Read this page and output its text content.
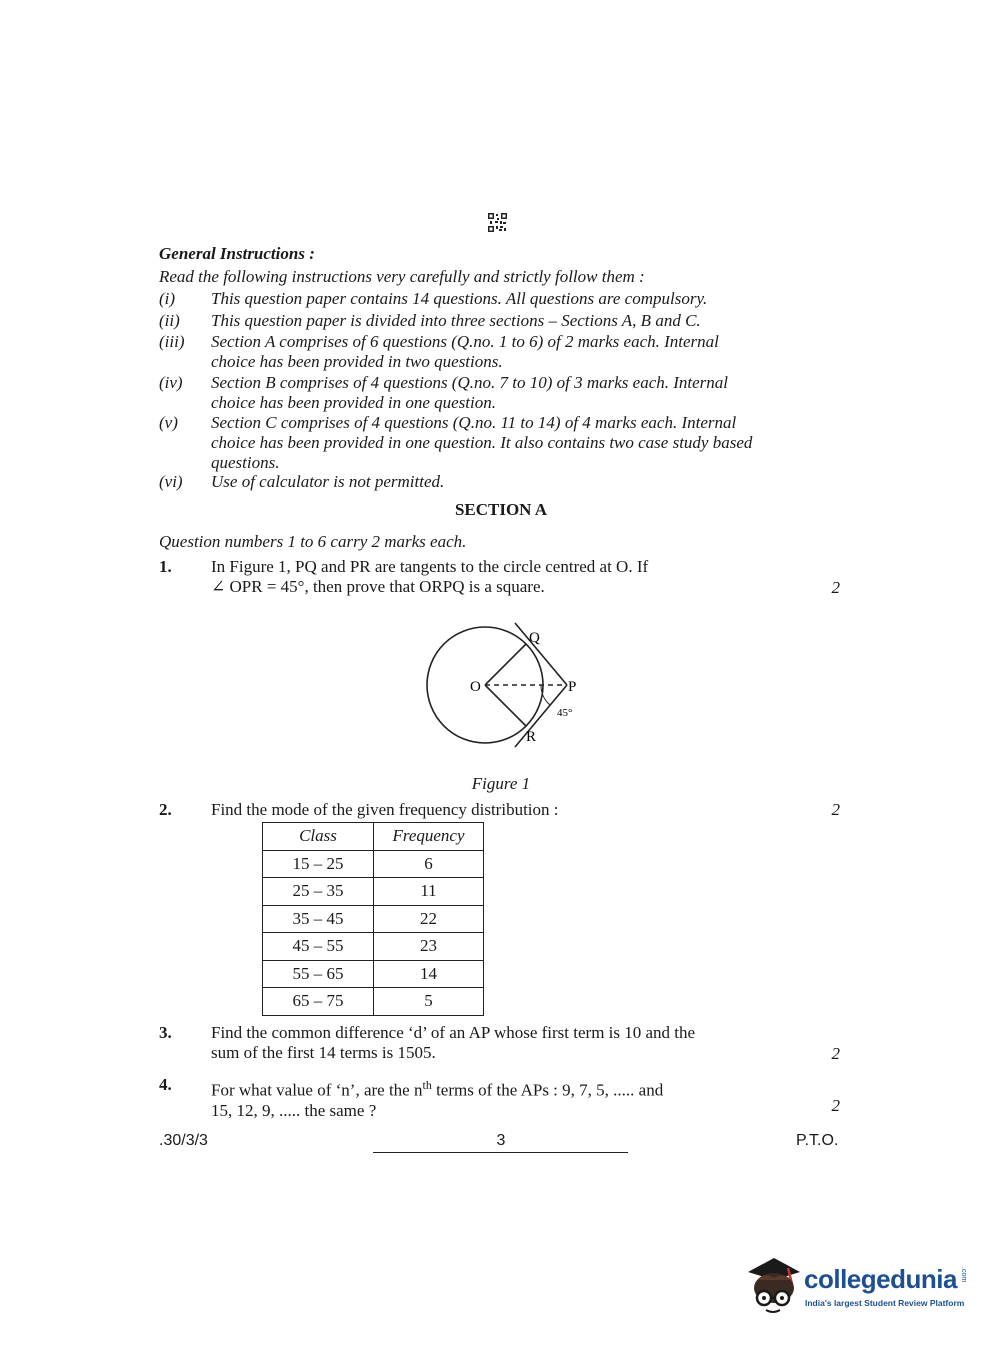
General Instructions :
Read the following instructions very carefully and strictly follow them :
(i)	This question paper contains 14 questions. All questions are compulsory.
(ii)	This question paper is divided into three sections – Sections A, B and C.
(iii)	Section A comprises of 6 questions (Q.no. 1 to 6) of 2 marks each. Internal
choice has been provided in two questions.
(iv)	Section B comprises of 4 questions (Q.no. 7 to 10) of 3 marks each. Internal
choice has been provided in one question.
(v)	Section C comprises of 4 questions (Q.no. 11 to 14) of 4 marks each. Internal
choice has been provided in one question. It also contains two case study based
questions.
(vi)	Use of calculator is not permitted.
SECTION A
Question numbers 1 to 6 carry 2 marks each.
1. In Figure 1, PQ and PR are tangents to the circle centred at O. If
∠ OPR = 45°, then prove that ORPQ is a square.	2
O	P
Q
R
45°
Figure 1
2. Find the mode of the given frequency distribution :	2
Class	Frequency
15 – 25	6
25 – 35	11
35 – 45	22
45 – 55	23
55 – 65	14
65 – 75	5
3. Find the common difference ‘d’ of an AP whose first term is 10 and the
sum of the first 14 terms is 1505.	2
4. For what value of ‘n’, are the $n^{th}$ terms of the APs : 9, 7, 5, ..... and
15, 12, 9, ..... the same ?	2
.30/3/3	3	P.T.O.
collegedunia .com
India's largest Student Review Platform
